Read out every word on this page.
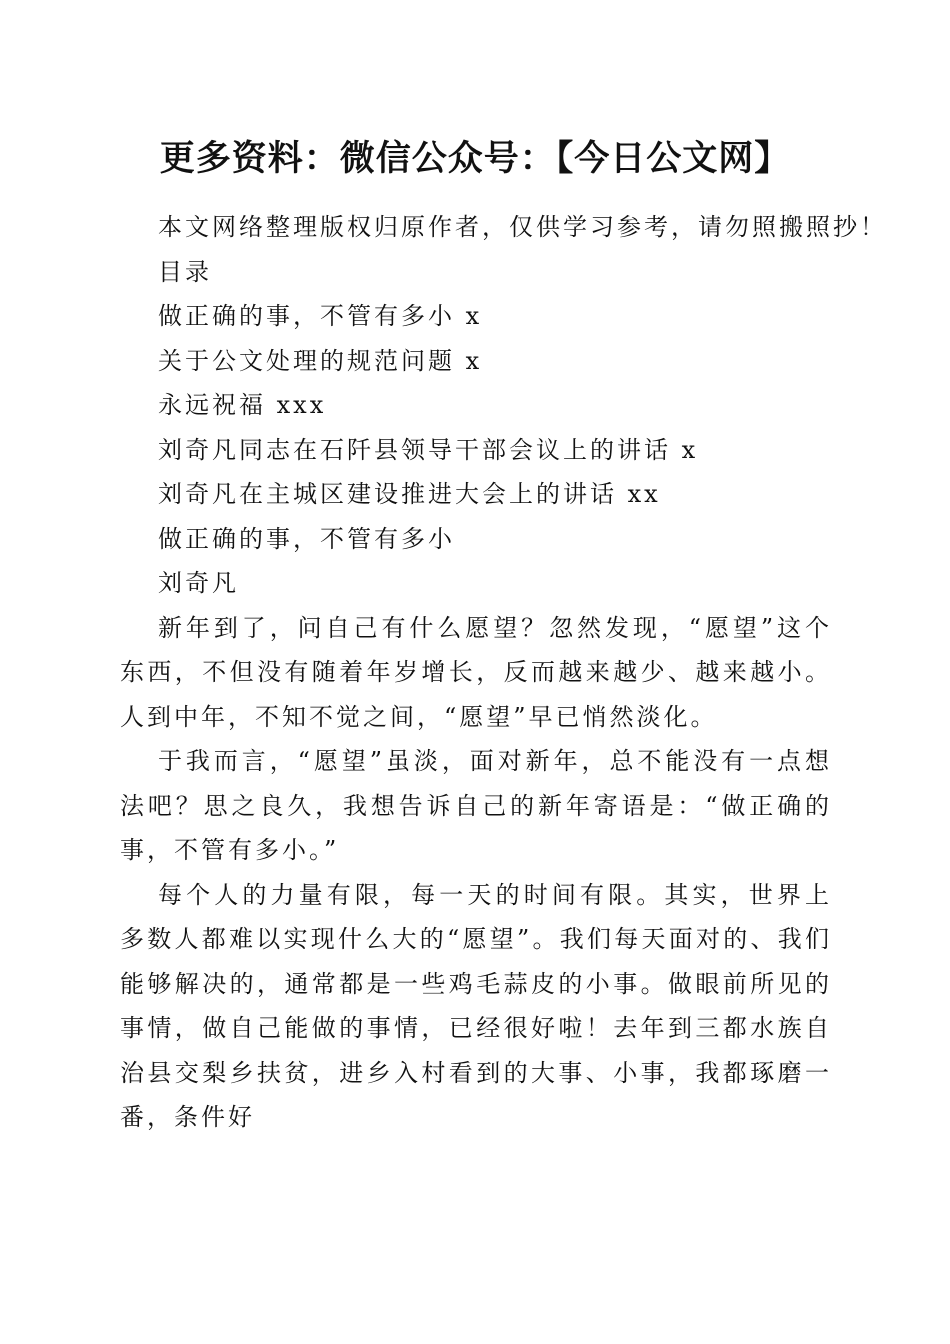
更多资料：微信公众号：【今日公文网】
本文网络整理版权归原作者，仅供学习参考，请勿照搬照抄！
目录
做正确的事，不管有多小 x
关于公文处理的规范问题 x
永远祝福 xxx
刘奇凡同志在石阡县领导干部会议上的讲话 x
刘奇凡在主城区建设推进大会上的讲话 xx
做正确的事，不管有多小
刘奇凡

新年到了，问自己有什么愿望？忽然发现，“愿望”这个东西，不但没有随着年岁增长，反而越来越少、越来越小。人到中年，不知不觉之间，“愿望”早已悄然淡化。

于我而言，“愿望”虽淡，面对新年，总不能没有一点想法吧？思之良久，我想告诉自己的新年寄语是：“做正确的事，不管有多小。”

每个人的力量有限，每一天的时间有限。其实，世界上多数人都难以实现什么大的“愿望”。我们每天面对的、我们能够解决的，通常都是一些鸡毛蒜皮的小事。做眼前所见的事情，做自己能做的事情，已经很好啦！去年到三都水族自治县交梨乡扶贫，进乡入村看到的大事、小事，我都琢磨一番，条件好
